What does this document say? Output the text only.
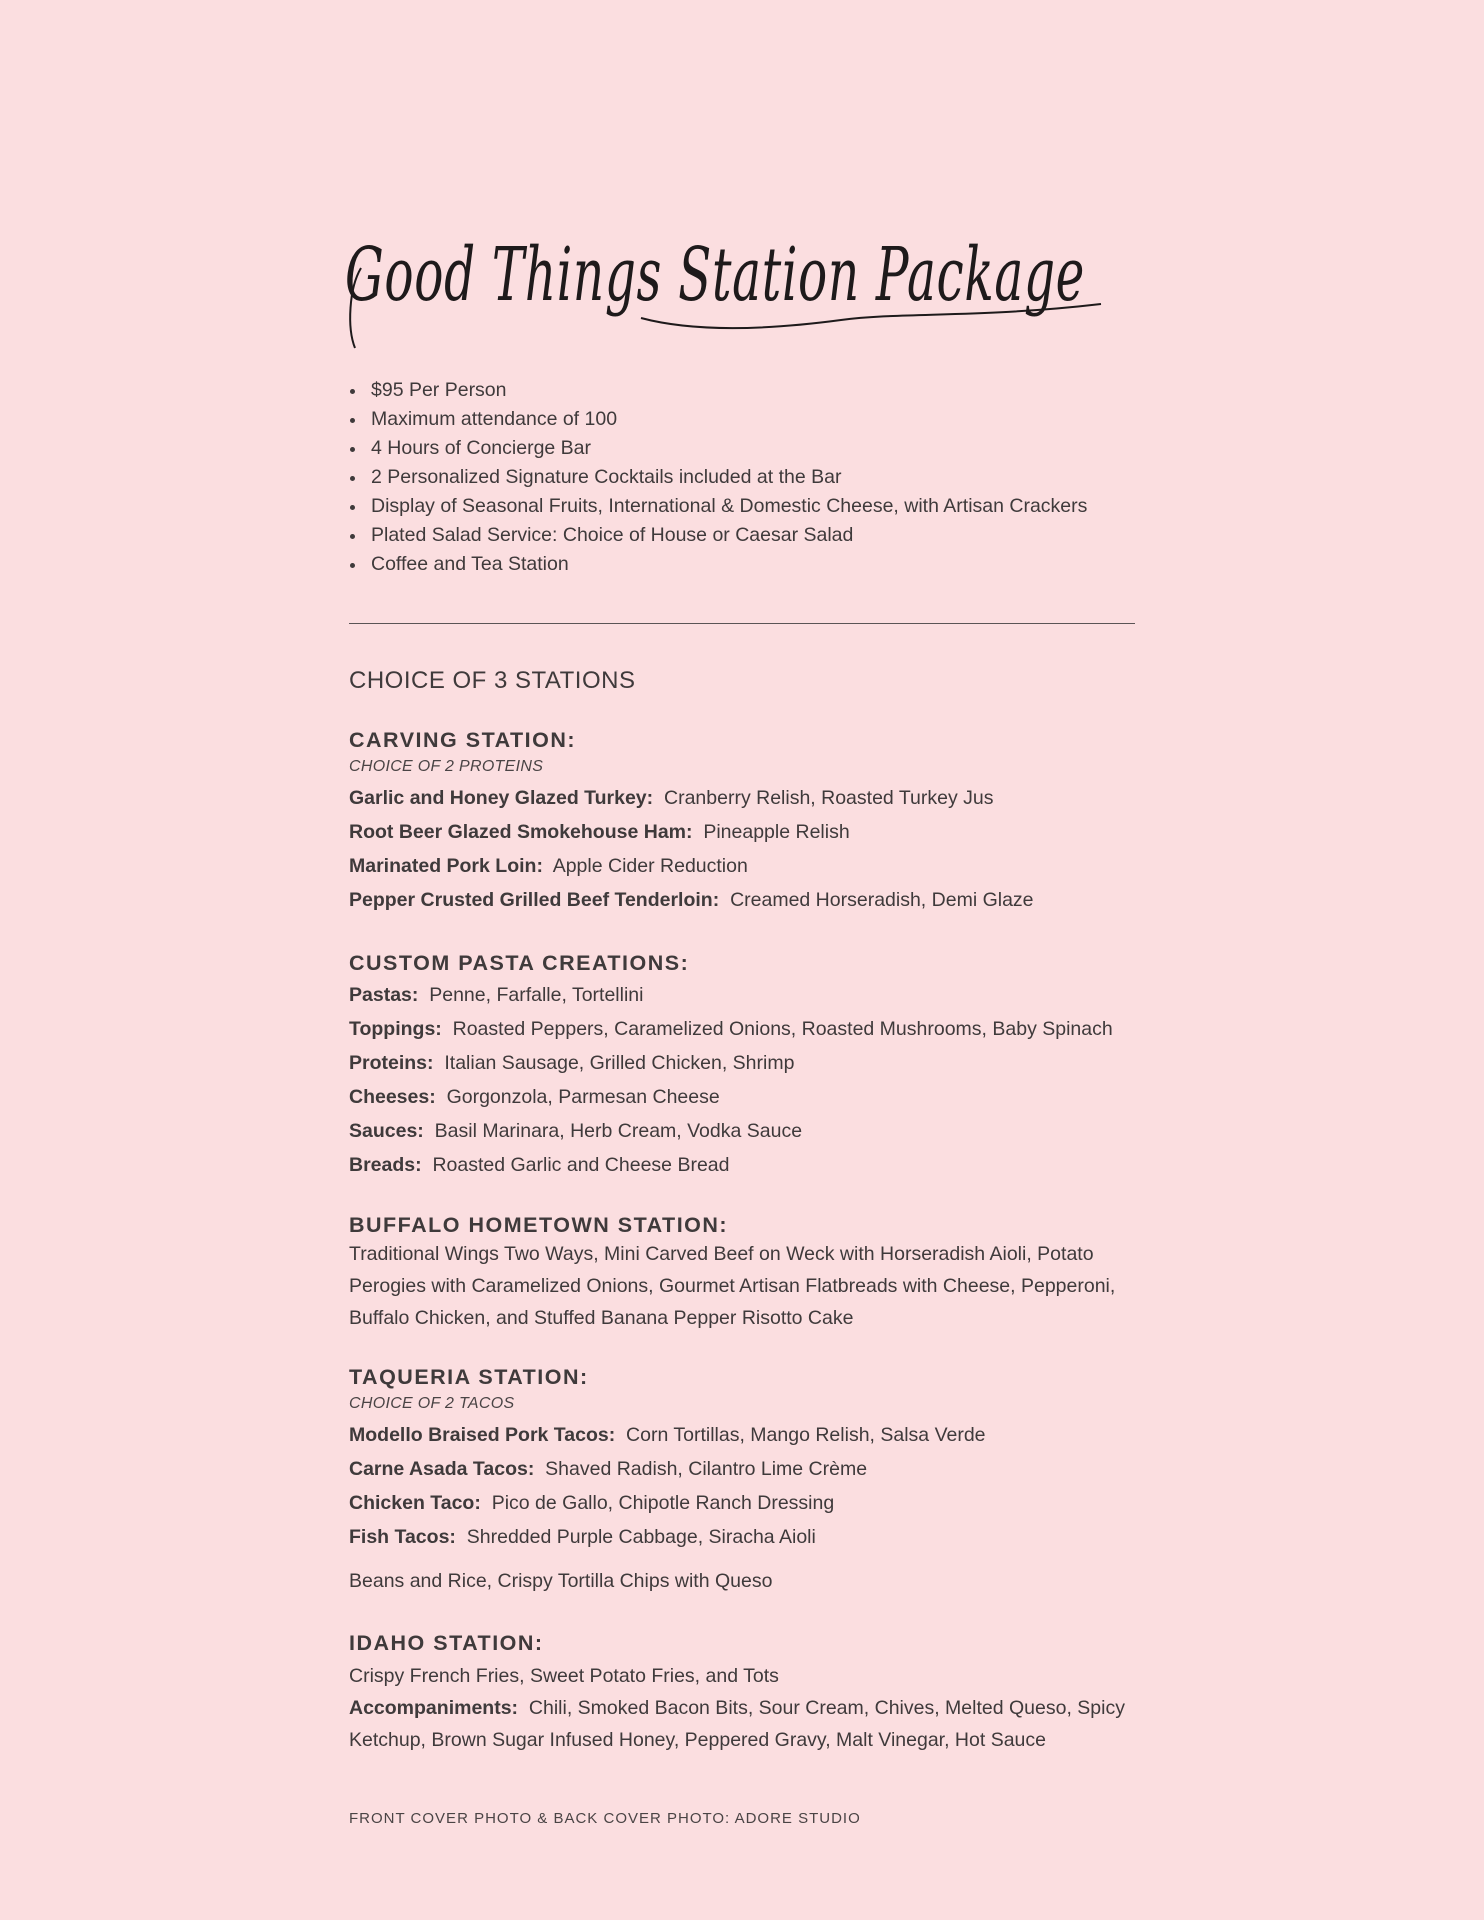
Good Things Station Package
$95 Per Person
Maximum attendance of 100
4 Hours of Concierge Bar
2 Personalized Signature Cocktails included at the Bar
Display of Seasonal Fruits, International & Domestic Cheese, with Artisan Crackers
Plated Salad Service: Choice of House or Caesar Salad
Coffee and Tea Station
CHOICE OF 3 STATIONS
CARVING STATION:
CHOICE OF 2 PROTEINS
Garlic and Honey Glazed Turkey: Cranberry Relish, Roasted Turkey Jus
Root Beer Glazed Smokehouse Ham: Pineapple Relish
Marinated Pork Loin: Apple Cider Reduction
Pepper Crusted Grilled Beef Tenderloin: Creamed Horseradish, Demi Glaze
CUSTOM PASTA CREATIONS:
Pastas: Penne, Farfalle, Tortellini
Toppings: Roasted Peppers, Caramelized Onions, Roasted Mushrooms, Baby Spinach
Proteins: Italian Sausage, Grilled Chicken, Shrimp
Cheeses: Gorgonzola, Parmesan Cheese
Sauces: Basil Marinara, Herb Cream, Vodka Sauce
Breads: Roasted Garlic and Cheese Bread
BUFFALO HOMETOWN STATION:
Traditional Wings Two Ways, Mini Carved Beef on Weck with Horseradish Aioli, Potato Perogies with Caramelized Onions, Gourmet Artisan Flatbreads with Cheese, Pepperoni, Buffalo Chicken, and Stuffed Banana Pepper Risotto Cake
TAQUERIA STATION:
CHOICE OF 2 TACOS
Modello Braised Pork Tacos: Corn Tortillas, Mango Relish, Salsa Verde
Carne Asada Tacos: Shaved Radish, Cilantro Lime Crème
Chicken Taco: Pico de Gallo, Chipotle Ranch Dressing
Fish Tacos: Shredded Purple Cabbage, Siracha Aioli
Beans and Rice, Crispy Tortilla Chips with Queso
IDAHO STATION:
Crispy French Fries, Sweet Potato Fries, and Tots
Accompaniments: Chili, Smoked Bacon Bits, Sour Cream, Chives, Melted Queso, Spicy Ketchup, Brown Sugar Infused Honey, Peppered Gravy, Malt Vinegar, Hot Sauce
FRONT COVER PHOTO & BACK COVER PHOTO: ADORE STUDIO
